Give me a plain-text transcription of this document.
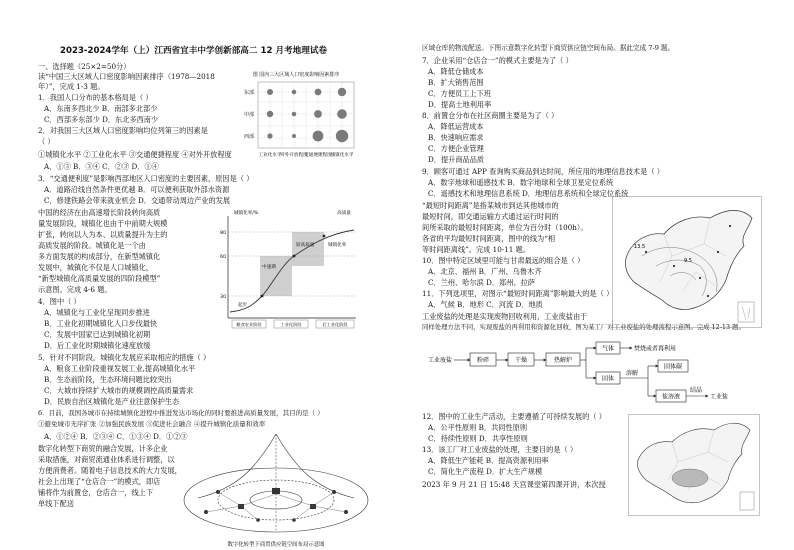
2023-2024学年（上）江西省宜丰中学创新部高二 12 月考地理试卷
一、选择题（25×2=50分）
读“中国三大区域人口密度影响因素排序（1978—2018
年）”，完成 1-3 题。
1．我国人口分布的基本格局是（ ）
A．东南多西北少 B．南部多北部少
C．西部多东部少 D．东北多西南少
2．对我国三大区域人口密度影响均位列第三的因素是
（ ）
①城镇化水平 ②工业化水平 ③交通便捷程度 ④对外开放程度
A．①③ B．③④ C．②③ D．①④
3．“交通便利度”是影响西部地区人口密度的主要因素，原因是（ ）
A．道路沿线自然条件更优越 B．可以便利获取外部水资源
C．修建铁路会带来就业机会 D．交通带动周边产业的发展
中国的经济在由高速增长阶段转向高质
量发展阶段，城镇化也由于中前期大规模
扩张，转向以人为本、以质量提升为主的
高质发展的阶段。城镇化是一个由
多方面发展的构成部分，在新型城镇化
发展中，城镇化不仅是人口城镇化，
“新型城镇化高质量发展的四阶段模型”
示意图。完成 4-6 题。
4．图中（ ）
A．城镇化与工业化呈现同步推进
B．工业化初期城镇化人口步伐最快
C．发展中国家已达到城镇化初期
D．后工业化时期城镇化速度放缓
5．针对不同阶段，城镇化发展应采取相应的措施（ ）
A．粮食工业阶段重视发展工业,提高城镇化水平
B．生态前阶段，生态环境问题比较突出
C．大城市持续扩大城市的规模调控高质量需求
D．民族自治区城镇化是产业注意保护生态
6．目前，我国各城市在持续城镇化进程中推进发达市场化的同时要推进高质量发展，其目的是（ ）
①避免城市无序扩张 ②加强民族发展 ③促进社会融合 ④提升城镇化质量和效率
A．①②④ B．②③④ C．①③④ D．①②③
数字化转型下商贸的融合发展，计多企业
采取措施，对商贸流通业体系进行调整，以
方便消费者。随着电子信息技术的大力发展，
社会上出现了“仓店合一”的模式，即店
铺将作为前置仓，仓店合一，线上下
单线下配送
图 国内三大区域人口密度影响因素排序
东部
中部
西部
工业化水平
对外开放程度
交通便捷程度
城镇化水平
城镇化率/%	高质量
80
60
30
起步
中速期
较高质量	城镇化率
粮食农业阶段	工业化阶段	后工业化阶段
数字化转型下商贸供应链空间布局示意图
区域仓库的物流配送。下图示意数字化转型下商贸供应链空间布局。据此完成 7-9 题。
7．企业采用“仓店合一”的模式主要是为了（ ）
A．降低仓储成本
B．扩大销售范围
C．方便员工上下班
D．提高土地利用率
8．前置仓分布在社区商圈主要是为了（ ）
A．降低运营成本
B．快速响应需求
C．方便企业管理
D．提升商品品质
9．顾客可通过 APP 查询购买商品到达时间，所应用的地理信息技术是（ ）
A．数字地球和遥感技术 B．数字地球和全球卫星定位系统
C．遥感技术和地理信息系统 D．地理信息系统和全球定位系统
“最短时间距离”是指某城市到达其他城市的
最短时间，即交通运输方式通过运行时间的
间所采取的最短时间距离，单位为百分时（100h）。
各省的平均最短时间距离，图中的线为“相
等时间距离线”。完成 10-11 题。
10．图中特定区域里可能与甘肃最远的组合是（ ）
A．北京、福州 B．广州、乌鲁木齐
C．兰州、哈尔滨 D．郑州、拉萨
11．下列选项里，对图示“最短时间距离”影响最大的是（ ）
A．气候 B．地形 C．河流 D．地质
工业废盐的处理是实现废物回收利用，工业废盐由于
同样处理方法不同，实现废盐的再利用和资源化回收，图为某工厂对工业废盐的处理流程示意图。完成 12-13 题。
12．图中的工业生产活动，主要遵循了可持续发展的（ ）
A．公平性原则 B．共同性原则
C．持续性原则 D．共享性原则
13．该工厂对工业废盐的处理，主要目的是（ ）
A．降低生产能耗 B．提高资源利用率
C．简化生产流程 D．扩大生产规模
2023 年 9 月 21 日 15:48 天宫课堂第四课开讲，本次授
13.5
9.5
工业废盐	粉碎	干燥	热解炉
气体	焚烧或者再利用
固体
溶解
固体碳
盐溶液
结晶
工业盐
